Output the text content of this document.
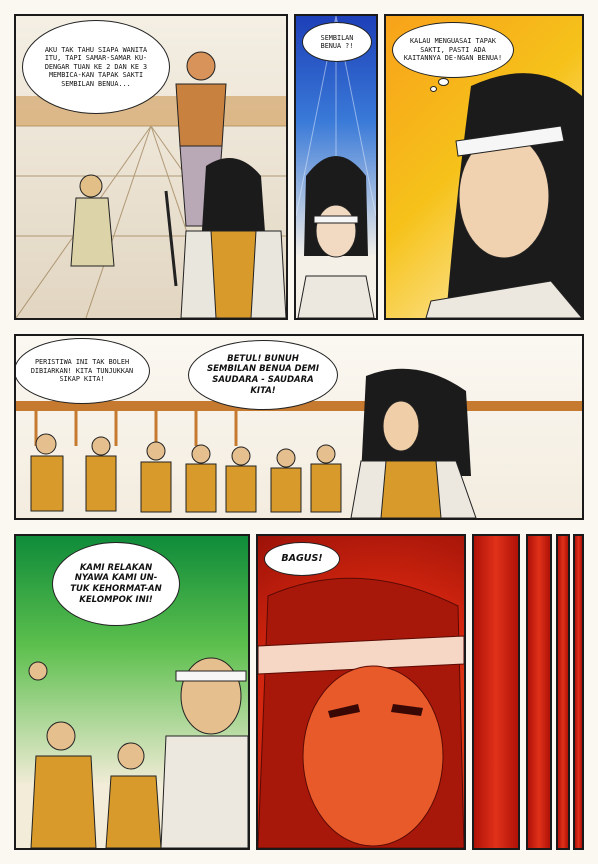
AKU TAK TAHU SIAPA WANITA ITU, TAPI SAMAR-SAMAR KU-DENGAR TUAN KE 2 DAN KE 3 MEMBICA-KAN TAPAK SAKTI SEMBILAN BENUA...
SEMBILAN BENUA ?!
KALAU MENGUASAI TAPAK SAKTI, PASTI ADA KAITANNYA DE-NGAN BENUA!
PERISTIWA INI TAK BOLEH DIBIARKAN! KITA TUNJUKKAN SIKAP KITA!
BETUL! BUNUH SEMBILAN BENUA DEMI SAUDARA - SAUDARA KITA!
KAMI RELAKAN NYAWA KAMI UN-TUK KEHORMAT-AN KELOMPOK INI!
BAGUS!
